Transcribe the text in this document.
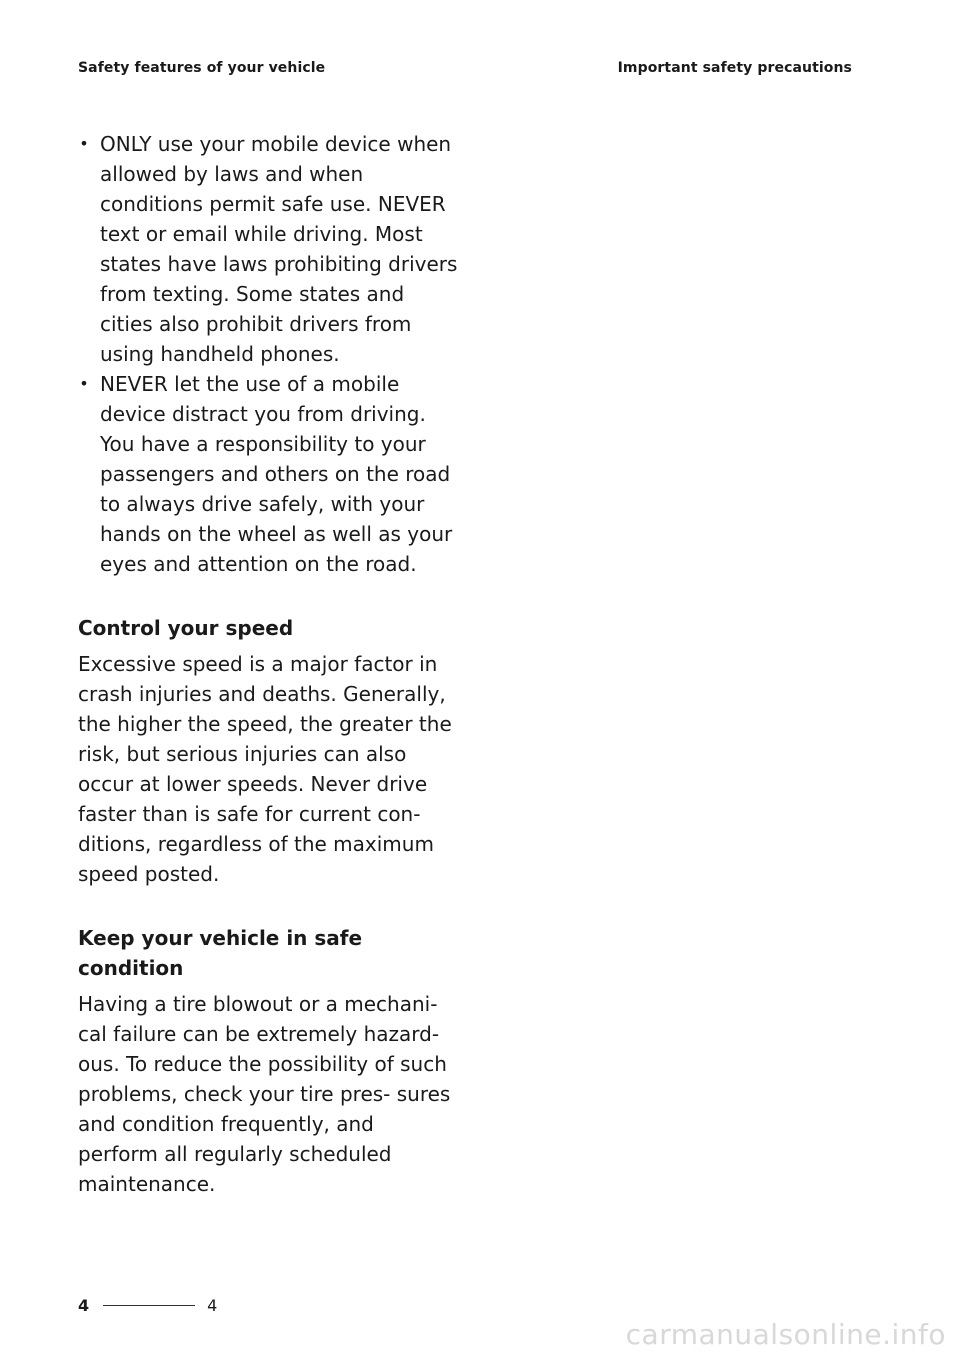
Safety features of your vehicle	Important safety precautions
• ONLY use your mobile device when allowed by laws and when conditions permit safe use. NEVER text or email while driving. Most states have laws prohibiting drivers from texting. Some states and cities also prohibit drivers from using handheld phones.
• NEVER let the use of a mobile device distract you from driving. You have a responsibility to your passengers and others on the road to always drive safely, with your hands on the wheel as well as your eyes and attention on the road.
Control your speed

Excessive speed is a major factor in crash injuries and deaths. Generally, the higher the speed, the greater the risk, but serious injuries can also occur at lower speeds. Never drive faster than is safe for current con- ditions, regardless of the maximum speed posted.

Keep your vehicle in safe condition

Having a tire blowout or a mechani- cal failure can be extremely hazard- ous. To reduce the possibility of such problems, check your tire pres- sures and condition frequently, and perform all regularly scheduled maintenance.

4	4
carmanualsonline.info
